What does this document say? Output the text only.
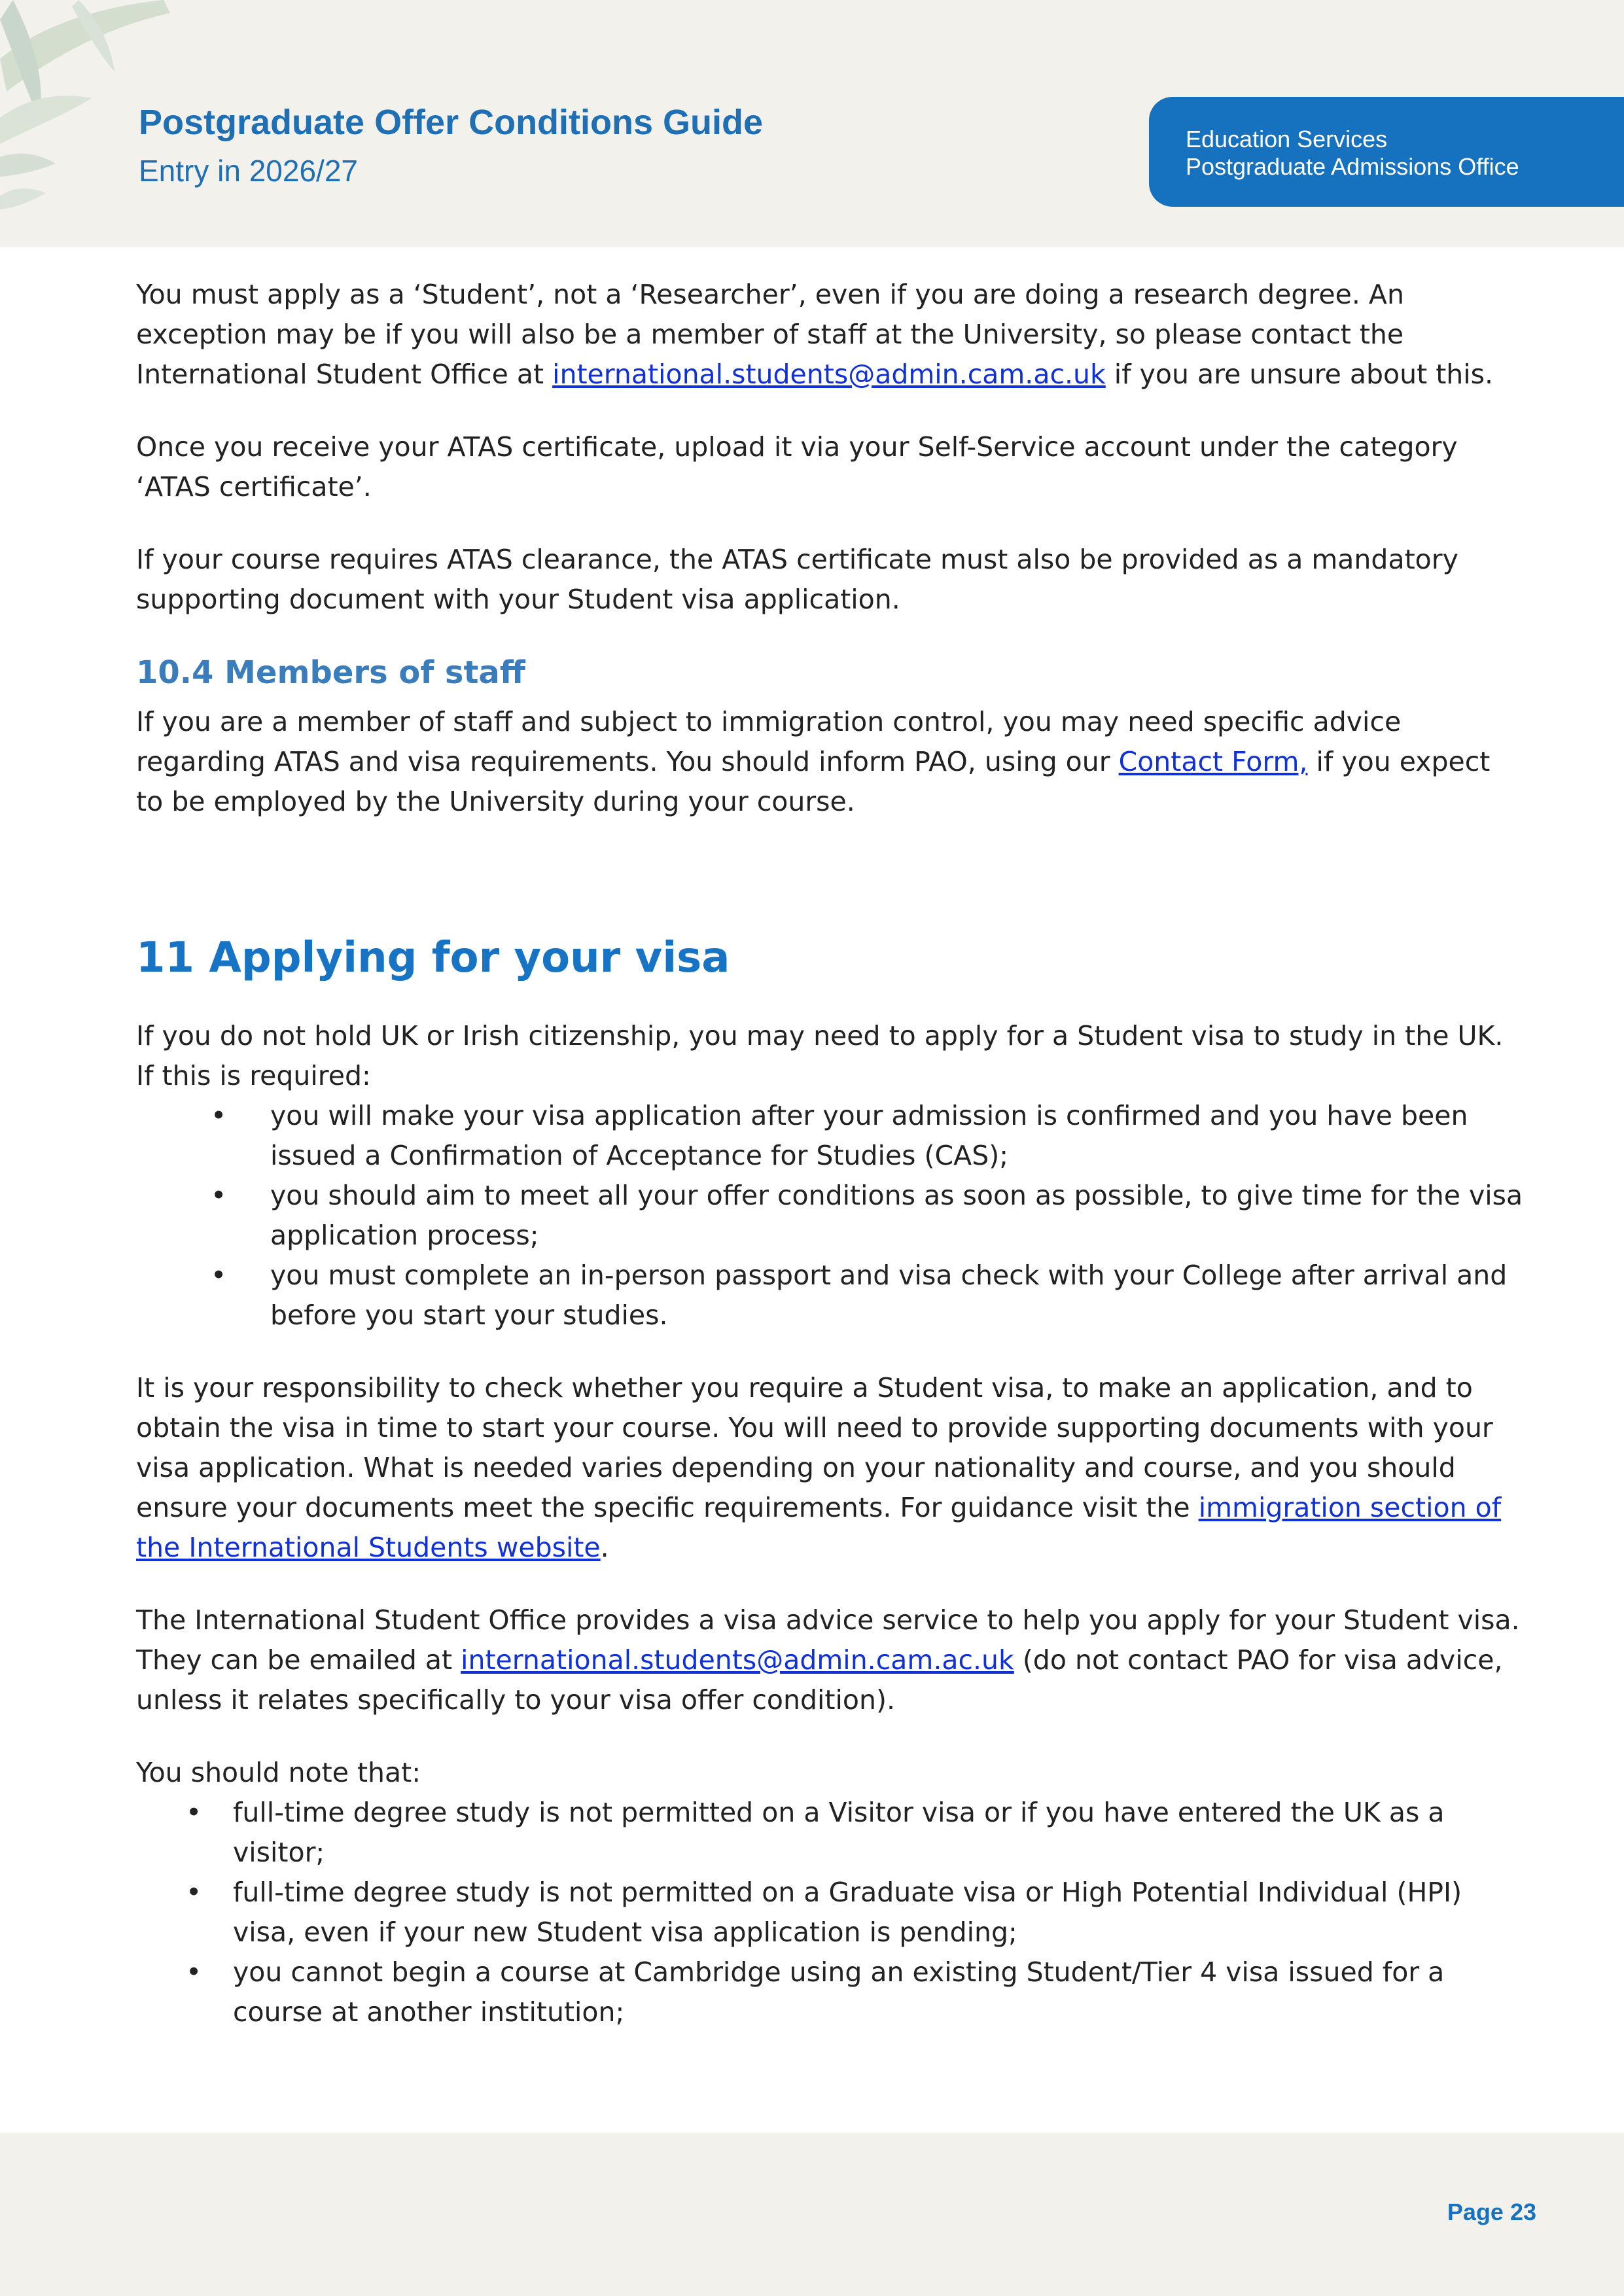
Postgraduate Offer Conditions Guide
Entry in 2026/27
Education Services
Postgraduate Admissions Office

You must apply as a ‘Student’, not a ‘Researcher’, even if you are doing a research degree. An exception may be if you will also be a member of staff at the University, so please contact the International Student Office at international.students@admin.cam.ac.uk if you are unsure about this.

Once you receive your ATAS certificate, upload it via your Self-Service account under the category ‘ATAS certificate’.

If your course requires ATAS clearance, the ATAS certificate must also be provided as a mandatory supporting document with your Student visa application.

10.4 Members of staff

If you are a member of staff and subject to immigration control, you may need specific advice regarding ATAS and visa requirements. You should inform PAO, using our Contact Form, if you expect to be employed by the University during your course.

11 Applying for your visa

If you do not hold UK or Irish citizenship, you may need to apply for a Student visa to study in the UK. If this is required:

• you will make your visa application after your admission is confirmed and you have been issued a Confirmation of Acceptance for Studies (CAS);
• you should aim to meet all your offer conditions as soon as possible, to give time for the visa application process;
• you must complete an in-person passport and visa check with your College after arrival and before you start your studies.

It is your responsibility to check whether you require a Student visa, to make an application, and to obtain the visa in time to start your course. You will need to provide supporting documents with your visa application. What is needed varies depending on your nationality and course, and you should ensure your documents meet the specific requirements. For guidance visit the immigration section of the International Students website.

The International Student Office provides a visa advice service to help you apply for your Student visa. They can be emailed at international.students@admin.cam.ac.uk (do not contact PAO for visa advice, unless it relates specifically to your visa offer condition).

You should note that:

• full-time degree study is not permitted on a Visitor visa or if you have entered the UK as a visitor;
• full-time degree study is not permitted on a Graduate visa or High Potential Individual (HPI) visa, even if your new Student visa application is pending;
• you cannot begin a course at Cambridge using an existing Student/Tier 4 visa issued for a course at another institution;
Page 23
